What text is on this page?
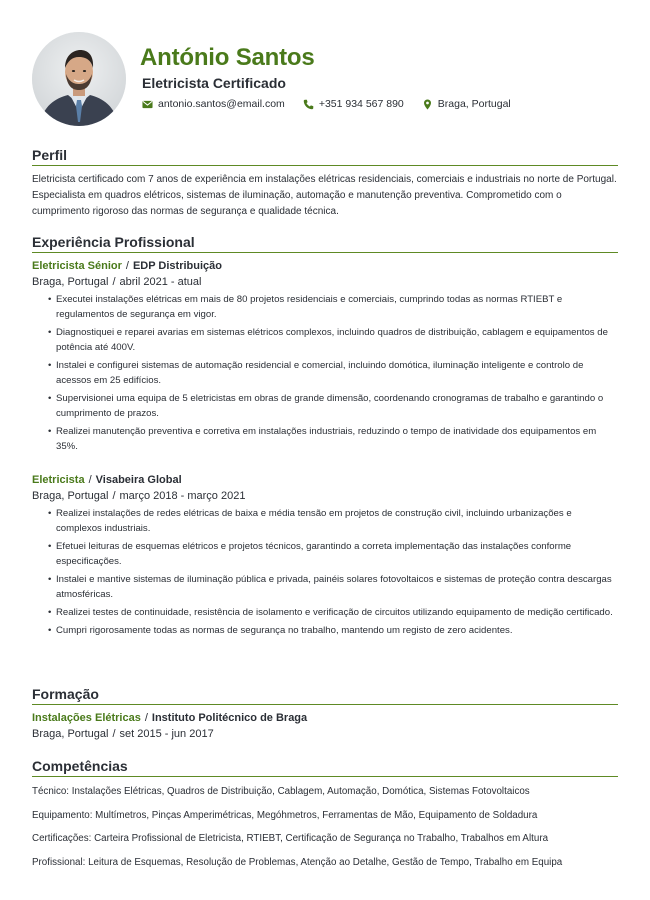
António Santos
Eletricista Certificado
antonio.santos@email.com	+351 934 567 890	Braga, Portugal
Perfil

Eletricista certificado com 7 anos de experiência em instalações elétricas residenciais, comerciais e industriais no norte de Portugal. Especialista em quadros elétricos, sistemas de iluminação, automação e manutenção preventiva. Comprometido com o cumprimento rigoroso das normas de segurança e qualidade técnica.

Experiência Profissional
Eletricista Sénior / EDP Distribuição
Braga, Portugal / abril 2021 - atual
• Executei instalações elétricas em mais de 80 projetos residenciais e comerciais, cumprindo todas as normas RTIEBT e regulamentos de segurança em vigor.
• Diagnostiquei e reparei avarias em sistemas elétricos complexos, incluindo quadros de distribuição, cablagem e equipamentos de potência até 400V.
• Instalei e configurei sistemas de automação residencial e comercial, incluindo domótica, iluminação inteligente e controlo de acessos em 25 edifícios.
• Supervisionei uma equipa de 5 eletricistas em obras de grande dimensão, coordenando cronogramas de trabalho e garantindo o cumprimento de prazos.
• Realizei manutenção preventiva e corretiva em instalações industriais, reduzindo o tempo de inatividade dos equipamentos em 35%.
Eletricista / Visabeira Global
Braga, Portugal / março 2018 - março 2021
• Realizei instalações de redes elétricas de baixa e média tensão em projetos de construção civil, incluindo urbanizações e complexos industriais.
• Efetuei leituras de esquemas elétricos e projetos técnicos, garantindo a correta implementação das instalações conforme especificações.
• Instalei e mantive sistemas de iluminação pública e privada, painéis solares fotovoltaicos e sistemas de proteção contra descargas atmosféricas.
• Realizei testes de continuidade, resistência de isolamento e verificação de circuitos utilizando equipamento de medição certificado.
• Cumpri rigorosamente todas as normas de segurança no trabalho, mantendo um registo de zero acidentes.
Formação
Instalações Elétricas / Instituto Politécnico de Braga
Braga, Portugal / set 2015 - jun 2017
Competências

Técnico: Instalações Elétricas, Quadros de Distribuição, Cablagem, Automação, Domótica, Sistemas Fotovoltaicos

Equipamento: Multímetros, Pinças Amperimétricas, Megóhmetros, Ferramentas de Mão, Equipamento de Soldadura

Certificações: Carteira Profissional de Eletricista, RTIEBT, Certificação de Segurança no Trabalho, Trabalhos em Altura

Profissional: Leitura de Esquemas, Resolução de Problemas, Atenção ao Detalhe, Gestão de Tempo, Trabalho em Equipa
